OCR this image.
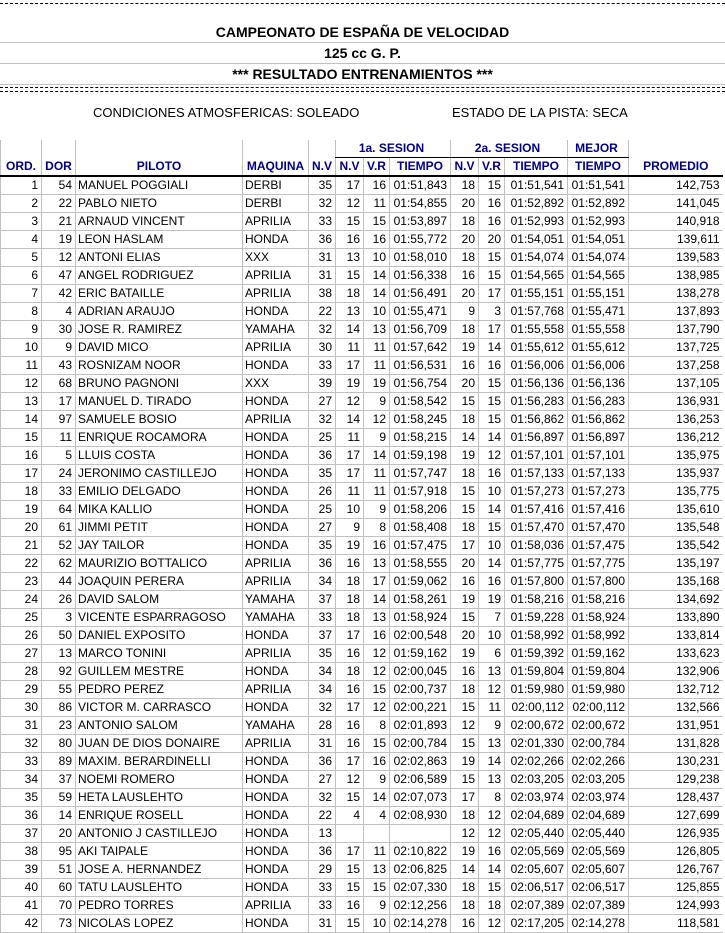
CAMPEONATO DE ESPAÑA DE VELOCIDAD
125 cc G. P.
*** RESULTADO ENTRENAMIENTOS ***
CONDICIONES ATMOSFERICAS: SOLEADO	ESTADO DE LA PISTA: SECA
					1a. SESION			2a. SESION			MEJOR	
ORD.	DOR	PILOTO	MAQUINA	N.V	N.V	V.R	TIEMPO	N.V	V.R	TIEMPO	TIEMPO	PROMEDIO
1	54	MANUEL POGGIALI	DERBI	35	17	16	01:51,843	18	15	01:51,541	01:51,541	142,753
2	22	PABLO NIETO	DERBI	32	12	11	01:54,855	20	16	01:52,892	01:52,892	141,045
3	21	ARNAUD VINCENT	APRILIA	33	15	15	01:53,897	18	16	01:52,993	01:52,993	140,918
4	19	LEON HASLAM	HONDA	36	16	16	01:55,772	20	20	01:54,051	01:54,051	139,611
5	12	ANTONI ELIAS	XXX	31	13	10	01:58,010	18	15	01:54,074	01:54,074	139,583
6	47	ANGEL RODRIGUEZ	APRILIA	31	15	14	01:56,338	16	15	01:54,565	01:54,565	138,985
7	42	ERIC BATAILLE	APRILIA	38	18	14	01:56,491	20	17	01:55,151	01:55,151	138,278
8	4	ADRIAN ARAUJO	HONDA	22	13	10	01:55,471	9	3	01:57,768	01:55,471	137,893
9	30	JOSE R. RAMIREZ	YAMAHA	32	14	13	01:56,709	18	17	01:55,558	01:55,558	137,790
10	9	DAVID MICO	APRILIA	30	11	11	01:57,642	19	14	01:55,612	01:55,612	137,725
11	43	ROSNIZAM NOOR	HONDA	33	17	11	01:56,531	16	16	01:56,006	01:56,006	137,258
12	68	BRUNO PAGNONI	XXX	39	19	19	01:56,754	20	15	01:56,136	01:56,136	137,105
13	17	MANUEL D. TIRADO	HONDA	27	12	9	01:58,542	15	15	01:56,283	01:56,283	136,931
14	97	SAMUELE BOSIO	APRILIA	32	14	12	01:58,245	18	15	01:56,862	01:56,862	136,253
15	11	ENRIQUE ROCAMORA	HONDA	25	11	9	01:58,215	14	14	01:56,897	01:56,897	136,212
16	5	LLUIS COSTA	HONDA	36	17	14	01:59,198	19	12	01:57,101	01:57,101	135,975
17	24	JERONIMO CASTILLEJO	HONDA	35	17	11	01:57,747	18	16	01:57,133	01:57,133	135,937
18	33	EMILIO DELGADO	HONDA	26	11	11	01:57,918	15	10	01:57,273	01:57,273	135,775
19	64	MIKA KALLIO	HONDA	25	10	9	01:58,206	15	14	01:57,416	01:57,416	135,610
20	61	JIMMI PETIT	HONDA	27	9	8	01:58,408	18	15	01:57,470	01:57,470	135,548
21	52	JAY TAILOR	HONDA	35	19	16	01:57,475	17	10	01:58,036	01:57,475	135,542
22	62	MAURIZIO BOTTALICO	APRILIA	36	16	13	01:58,555	20	14	01:57,775	01:57,775	135,197
23	44	JOAQUIN PERERA	APRILIA	34	18	17	01:59,062	16	16	01:57,800	01:57,800	135,168
24	26	DAVID SALOM	YAMAHA	37	18	14	01:58,261	19	19	01:58,216	01:58,216	134,692
25	3	VICENTE ESPARRAGOSO	YAMAHA	33	18	13	01:58,924	15	7	01:59,228	01:58,924	133,890
26	50	DANIEL EXPOSITO	HONDA	37	17	16	02:00,548	20	10	01:58,992	01:58,992	133,814
27	13	MARCO TONINI	APRILIA	35	16	12	01:59,162	19	6	01:59,392	01:59,162	133,623
28	92	GUILLEM MESTRE	HONDA	34	18	12	02:00,045	16	13	01:59,804	01:59,804	132,906
29	55	PEDRO PEREZ	APRILIA	34	16	15	02:00,737	18	12	01:59,980	01:59,980	132,712
30	86	VICTOR M. CARRASCO	HONDA	32	17	12	02:00,221	15	11	02:00,112	02:00,112	132,566
31	23	ANTONIO SALOM	YAMAHA	28	16	8	02:01,893	12	9	02:00,672	02:00,672	131,951
32	80	JUAN DE DIOS DONAIRE	APRILIA	31	16	15	02:00,784	15	13	02:01,330	02:00,784	131,828
33	89	MAXIM. BERARDINELLI	HONDA	36	17	16	02:02,863	19	14	02:02,266	02:02,266	130,231
34	37	NOEMI ROMERO	HONDA	27	12	9	02:06,589	15	13	02:03,205	02:03,205	129,238
35	59	HETA LAUSLEHTO	HONDA	32	15	14	02:07,073	17	8	02:03,974	02:03,974	128,437
36	14	ENRIQUE ROSELL	HONDA	22	4	4	02:08,930	18	12	02:04,689	02:04,689	127,699
37	20	ANTONIO J CASTILLEJO	HONDA	13				12	12	02:05,440	02:05,440	126,935
38	95	AKI TAIPALE	HONDA	36	17	11	02:10,822	19	16	02:05,569	02:05,569	126,805
39	51	JOSE A. HERNANDEZ	HONDA	29	15	13	02:06,825	14	14	02:05,607	02:05,607	126,767
40	60	TATU LAUSLEHTO	HONDA	33	15	15	02:07,330	18	15	02:06,517	02:06,517	125,855
41	70	PEDRO TORRES	APRILIA	33	16	9	02:12,256	18	18	02:07,389	02:07,389	124,993
42	73	NICOLAS LOPEZ	HONDA	31	15	10	02:14,278	16	12	02:17,205	02:14,278	118,581
